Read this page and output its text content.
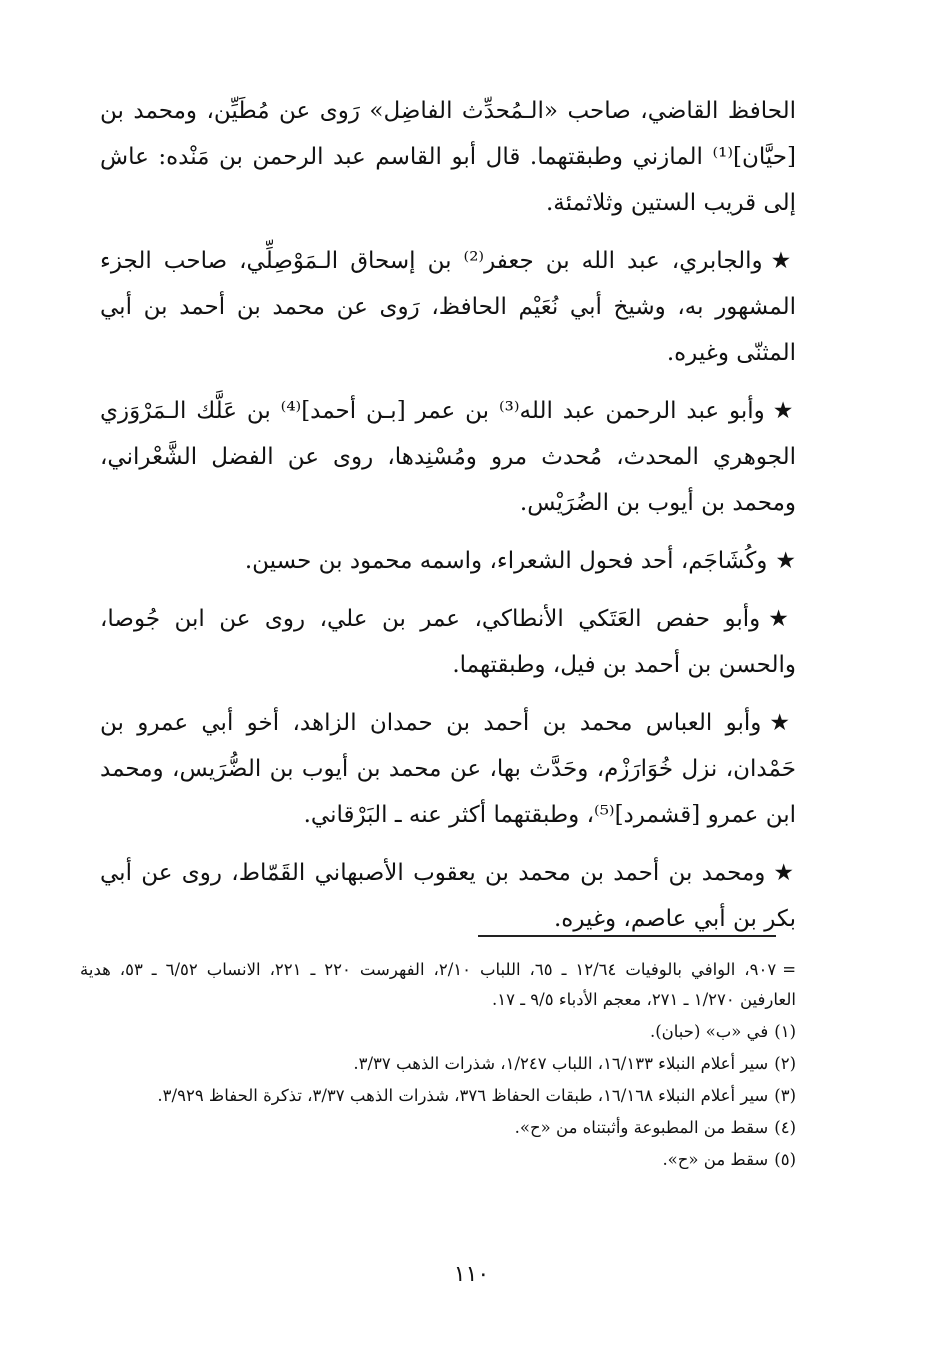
الحافظ القاضي، صاحب «الـمُحدِّث الفاضِل» رَوى عن مُطَيِّن، ومحمد بن [حيَّان]⁽¹⁾ المازني وطبقتهما. قال أبو القاسم عبد الرحمن بن مَنْده: عاش إلى قريب الستين وثلاثمئة.

★والجابري، عبد الله بن جعفر⁽²⁾ بن إسحاق الـمَوْصِلِّي، صاحب الجزء المشهور به، وشيخ أبي نُعَيْم الحافظ، رَوى عن محمد بن أحمد بن أبي المثنّى وغيره.

★وأبو عبد الرحمن عبد الله⁽³⁾ بن عمر [بـن أحمد]⁽⁴⁾ بن عَلَّك الـمَرْوَزي الجوهري المحدث، مُحدث مرو ومُسْنِدها، روى عن الفضل الشَّعْراني، ومحمد بن أيوب بن الضُرَيْس.

★وكُشَاجَم، أحد فحول الشعراء، واسمه محمود بن حسين.

★وأبو حفص العَتَكي الأنطاكي، عمر بن علي، روى عن ابن جُوصا، والحسن بن أحمد بن فيل، وطبقتهما.

★وأبو العباس محمد بن أحمد بن حمدان الزاهد، أخو أبي عمرو بن حَمْدان، نزل خُوَارَزْم، وحَدَّث بها، عن محمد بن أيوب بن الضُّرَيس، ومحمد ابن عمرو [قشمرد]⁽⁵⁾، وطبقتهما أكثر عنه ـ البَرْقاني.

★ومحمد بن أحمد بن محمد بن يعقوب الأصبهاني القَمّاط، روى عن أبي بكر بن أبي عاصم، وغيره.

=٩٠٧، الوافي بالوفيات ١٢/٦٤ ـ ٦٥، اللباب ٢/١٠، الفهرست ٢٢٠ ـ ٢٢١، الانساب ٦/٥٢ ـ ٥٣، هدية العارفين ١/٢٧٠ ـ ٢٧١، معجم الأدباء ٩/٥ ـ ١٧.

(١)في «ب» (حبان).

(٢)سير أعلام النبلاء ١٦/١٣٣، اللباب ١/٢٤٧، شذرات الذهب ٣/٣٧.

(٣)سير أعلام النبلاء ١٦/١٦٨، طبقات الحفاظ ٣٧٦، شذرات الذهب ٣/٣٧، تذكرة الحفاظ ٣/٩٢٩.

(٤)سقط من المطبوعة وأثبتناه من «ح».

(٥)سقط من «ح».

١١٠
